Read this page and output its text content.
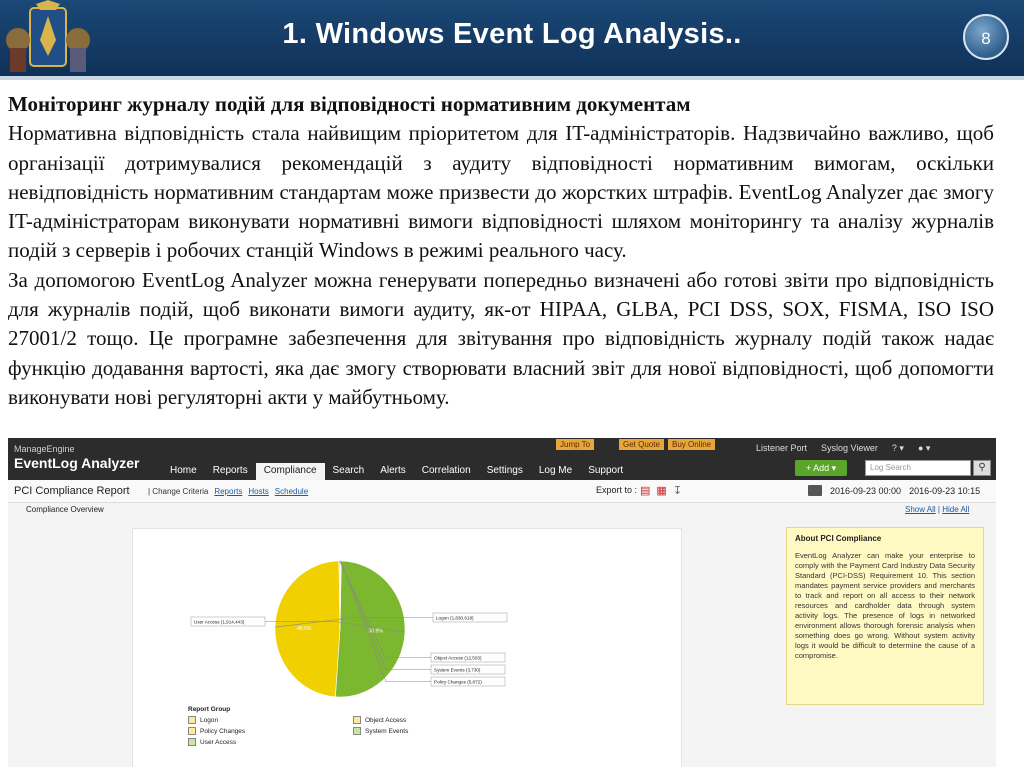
1. Windows Event Log Analysis..	8

Моніторинг журналу подій для відповідності нормативним документам

Нормативна відповідність стала найвищим пріоритетом для IT-адміністраторів. Надзвичайно важливо, щоб організації дотримувалися рекомендацій з аудиту відповідності нормативним вимогам, оскільки невідповідність нормативним стандартам може призвести до жорстких штрафів. EventLog Analyzer дає змогу IT-адміністраторам виконувати нормативні вимоги відповідності шляхом моніторингу та аналізу журналів подій з серверів і робочих станцій Windows в режимі реального часу.

За допомогою EventLog Analyzer можна генерувати попередньо визначені або готові звіти про відповідність для журналів подій, щоб виконати вимоги аудиту, як-от HIPAA, GLBA, PCI DSS, SOX, FISMA, ISO ISO 27001/2 тощо. Це програмне забезпечення для звітування про відповідність журналу подій також надає функцію додавання вартості, яка дає змогу створювати власний звіт для нової відповідності, щоб допомогти виконувати нові регуляторні акти у майбутньому.

ManageEngine
EventLog Analyzer
Jump To	Get Quote	Buy Online	Listener Port Syslog Viewer ? ▾ ● ▾
Home	Reports	Compliance	Search	Alerts	Correlation	Settings	Log Me	Support	+ Add ▾	Log Search	⚲
PCI Compliance Report | Change Criteria Reports Hosts Schedule	Export to : ▤ ▦ ↧	2016-09-23 00:00 2016-09-23 10:15
Compliance Overview	Show All | Hide All
50.9%
48.6%
User Access (1,914,443)
Logon (1,830,618)
Object Access (12,503)
System Events (3,730)
Policy Changes (5,872)
Report Group
Logon	Object Access
Policy Changes	System Events
User Access
About PCI Compliance
EventLog Analyzer can make your enterprise to comply with the Payment Card Industry Data Security Standard (PCI-DSS) Requirement 10. This section mandates payment service providers and merchants to track and report on all access to their network resources and cardholder data through system activity logs. The presence of logs in networked environment allows thorough forensic analysis when something does go wrong. Without system activity logs it would be difficult to determine the cause of a compromise.
